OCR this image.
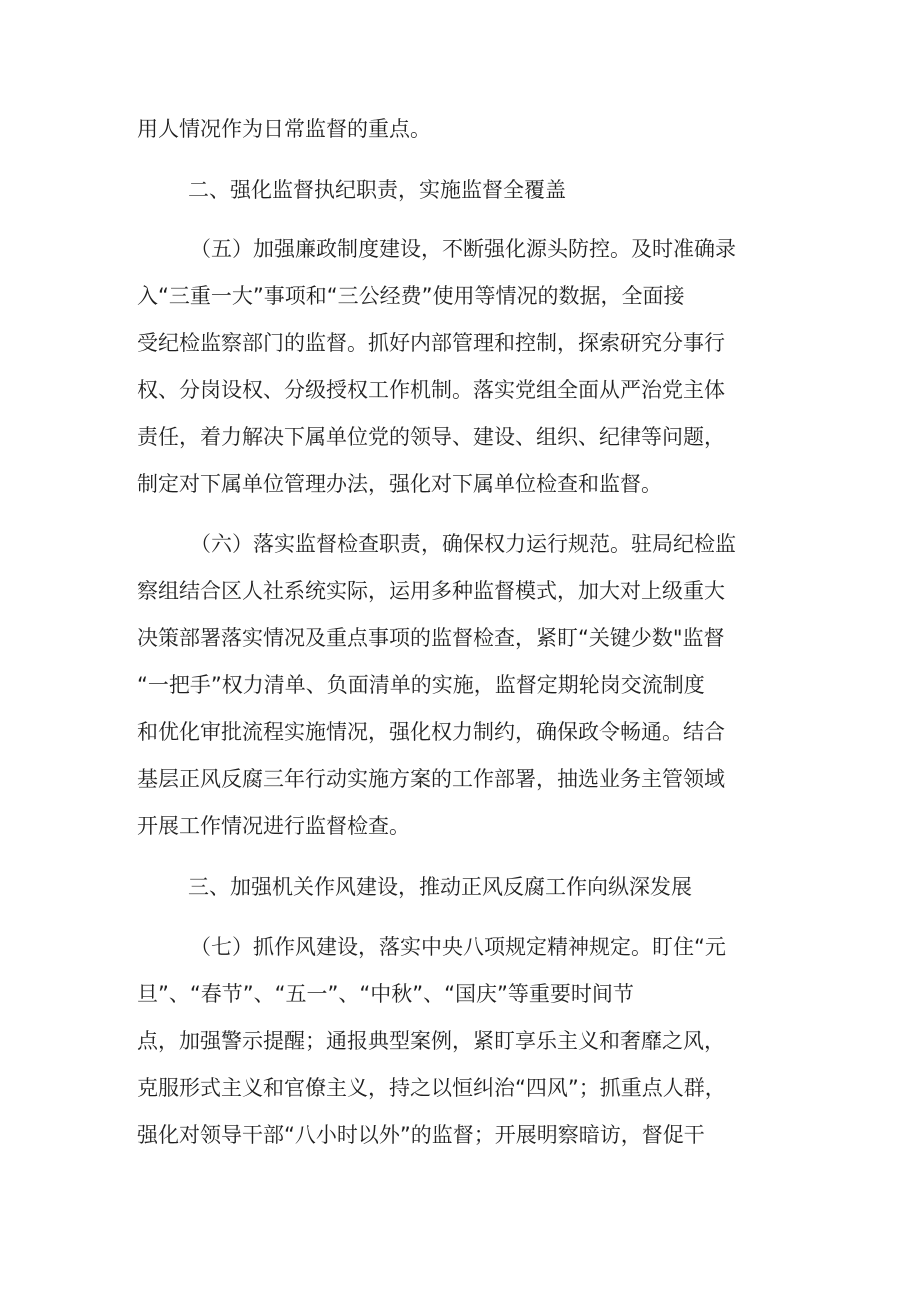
用人情况作为日常监督的重点。

二、强化监督执纪职责，实施监督全覆盖

（五）加强廉政制度建设，不断强化源头防控。及时准确录

入“三重一大”事项和“三公经费”使用等情况的数据，全面接

受纪检监察部门的监督。抓好内部管理和控制，探索研究分事行

权、分岗设权、分级授权工作机制。落实党组全面从严治党主体

责任，着力解决下属单位党的领导、建设、组织、纪律等问题，

制定对下属单位管理办法，强化对下属单位检查和监督。

（六）落实监督检查职责，确保权力运行规范。驻局纪检监

察组结合区人社系统实际，运用多种监督模式，加大对上级重大

决策部署落实情况及重点事项的监督检查，紧盯“关键少数"监督

“一把手”权力清单、负面清单的实施，监督定期轮岗交流制度

和优化审批流程实施情况，强化权力制约，确保政令畅通。结合

基层正风反腐三年行动实施方案的工作部署，抽选业务主管领域

开展工作情况进行监督检查。

三、加强机关作风建设，推动正风反腐工作向纵深发展

（七）抓作风建设，落实中央八项规定精神规定。盯住“元

旦”、“春节”、“五一”、“中秋”、“国庆”等重要时间节

点，加强警示提醒；通报典型案例，紧盯享乐主义和奢靡之风，

克服形式主义和官僚主义，持之以恒纠治“四风”；抓重点人群，

强化对领导干部“八小时以外”的监督；开展明察暗访，督促干
